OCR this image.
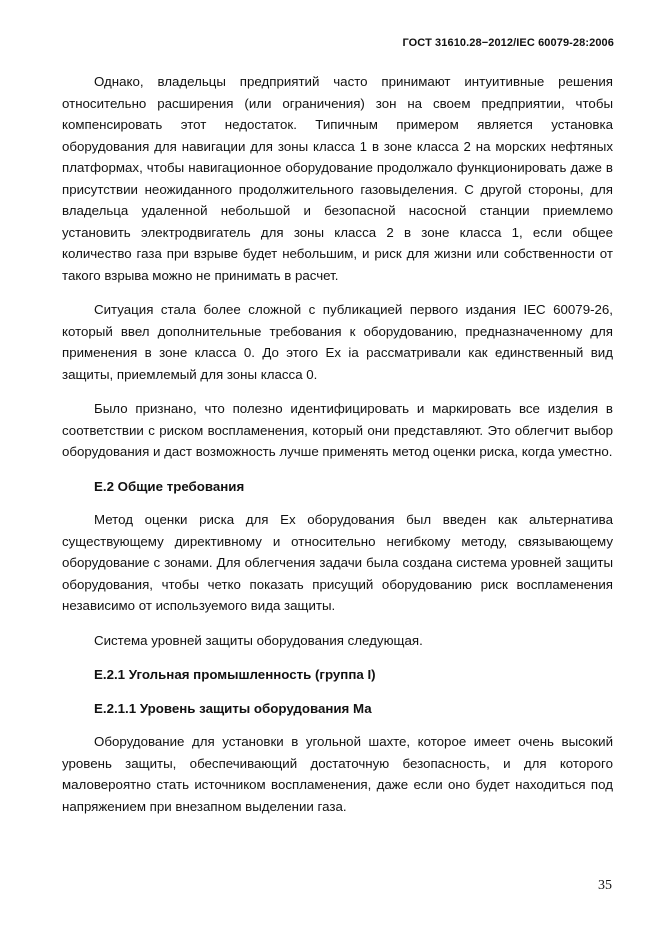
ГОСТ 31610.28−2012/IEC 60079-28:2006

Однако, владельцы предприятий часто принимают интуитивные решения относительно расширения (или ограничения) зон на своем предприятии, чтобы компенсировать этот недостаток. Типичным примером является установка оборудования для навигации для зоны класса 1 в зоне класса 2 на морских нефтяных платформах, чтобы навигационное оборудование продолжало функционировать даже в присутствии неожиданного продолжительного газовыделения. С другой стороны, для владельца удаленной небольшой и безопасной насосной станции приемлемо установить электродвигатель для зоны класса 2 в зоне класса 1, если общее количество газа при взрыве будет небольшим, и риск для жизни или собственности от такого взрыва можно не принимать в расчет.

Ситуация стала более сложной с публикацией первого издания IEC 60079-26, который ввел дополнительные требования к оборудованию, предназначенному для применения в зоне класса 0. До этого Ex ia рассматривали как единственный вид защиты, приемлемый для зоны класса 0.

Было признано, что полезно идентифицировать и маркировать все изделия в соответствии с риском воспламенения, который они представляют. Это облегчит выбор оборудования и даст возможность лучше применять метод оценки риска, когда уместно.

Е.2 Общие требования

Метод оценки риска для Ex оборудования был введен как альтернатива существующему директивному и относительно негибкому методу, связывающему оборудование с зонами. Для облегчения задачи была создана система уровней защиты оборудования, чтобы четко показать присущий оборудованию риск воспламенения независимо от используемого вида защиты.

Система уровней защиты оборудования следующая.

Е.2.1 Угольная промышленность (группа I)
Е.2.1.1 Уровень защиты оборудования Ма

Оборудование для установки в угольной шахте, которое имеет очень высокий уровень защиты, обеспечивающий достаточную безопасность, и для которого маловероятно стать источником воспламенения, даже если оно будет находиться под напряжением при внезапном выделении газа.

35
